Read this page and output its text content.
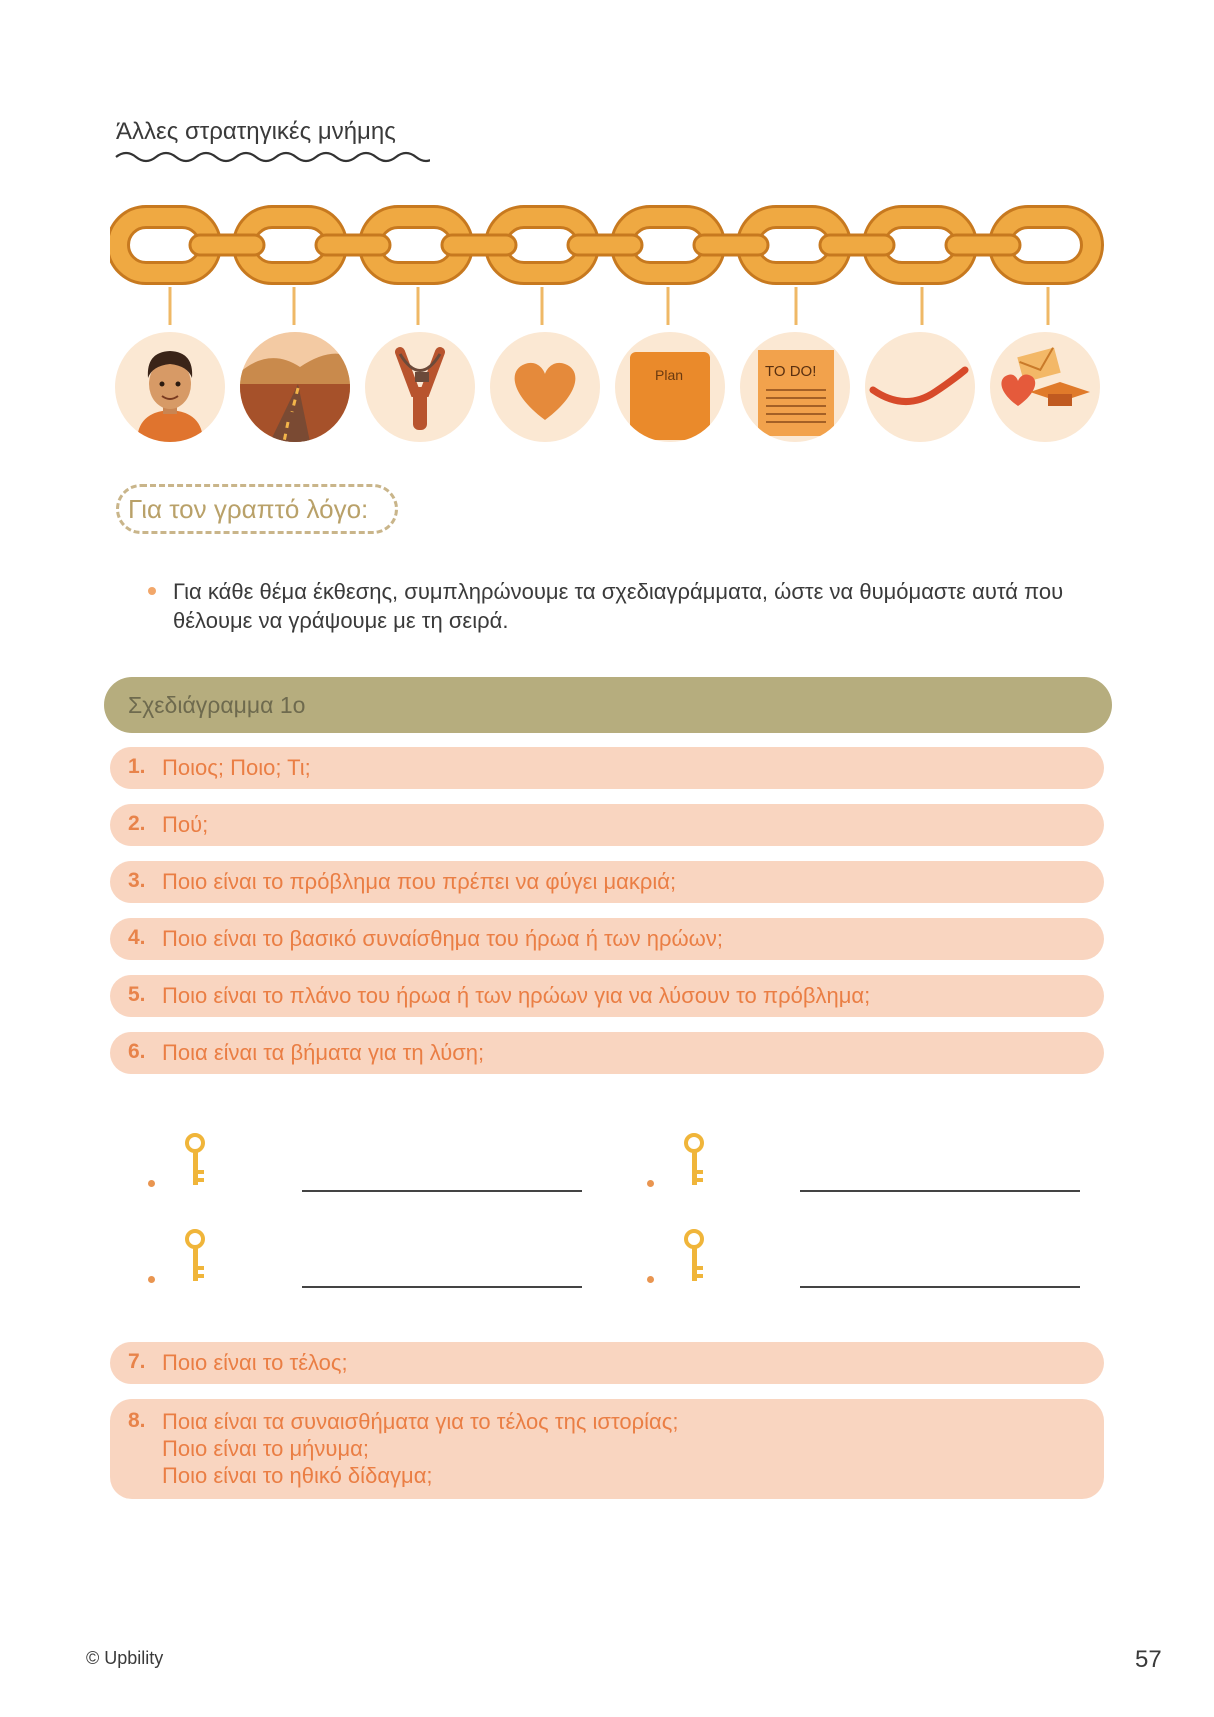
Άλλες στρατηγικές μνήμης
Plan	TO DO!
Για τον γραπτό λόγο:
Για κάθε θέμα έκθεσης, συμπληρώνουμε τα σχεδιαγράμματα, ώστε να θυμόμαστε αυτά που θέλουμε να γράψουμε με τη σειρά.
Σχεδιάγραμμα 1ο
1. Ποιος; Ποιο; Τι;
2. Πού;
3. Ποιο είναι το πρόβλημα που πρέπει να φύγει μακριά;
4. Ποιο είναι το βασικό συναίσθημα του ήρωα ή των ηρώων;
5. Ποιο είναι το πλάνο του ήρωα ή των ηρώων για να λύσουν το πρόβλημα;
6. Ποια είναι τα βήματα για τη λύση;
7. Ποιο είναι το τέλος;
8. Ποια είναι τα συναισθήματα για το τέλος της ιστορίας;
Ποιο είναι το μήνυμα;
Ποιο είναι το ηθικό δίδαγμα;
© Upbility	57
